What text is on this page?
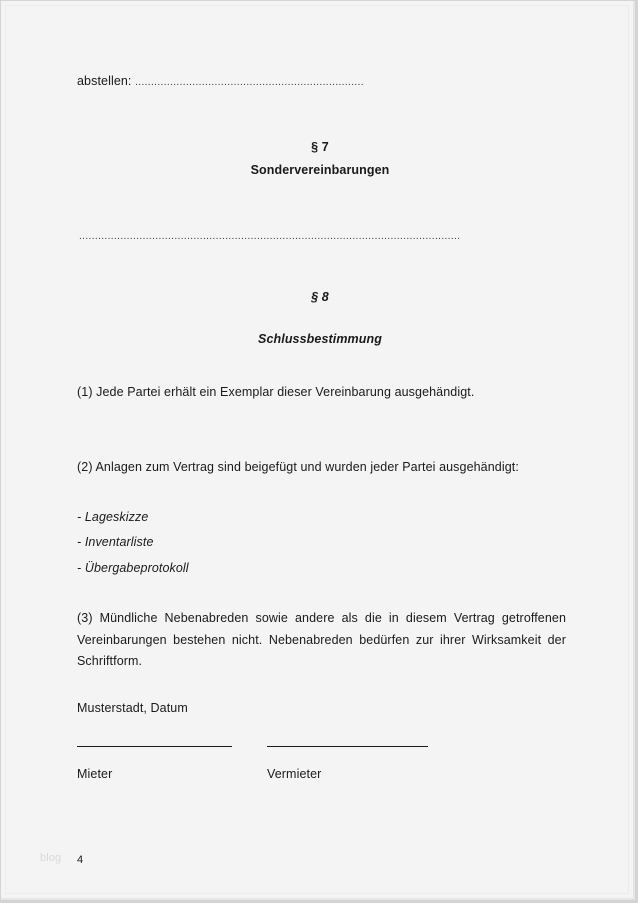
abstellen: ........................................................................
§ 7
Sondervereinbarungen
........................................................................................................................
§ 8
Schlussbestimmung
(1) Jede Partei erhält ein Exemplar dieser Vereinbarung ausgehändigt.
(2) Anlagen zum Vertrag sind beigefügt und wurden jeder Partei ausgehändigt:
- Lageskizze
- Inventarliste
- Übergabeprotokoll
(3) Mündliche Nebenabreden sowie andere als die in diesem Vertrag getroffenen Vereinbarungen bestehen nicht. Nebenabreden bedürfen zur ihrer Wirksamkeit der Schriftform.
Musterstadt, Datum
Mieter	Vermieter
blog 4
